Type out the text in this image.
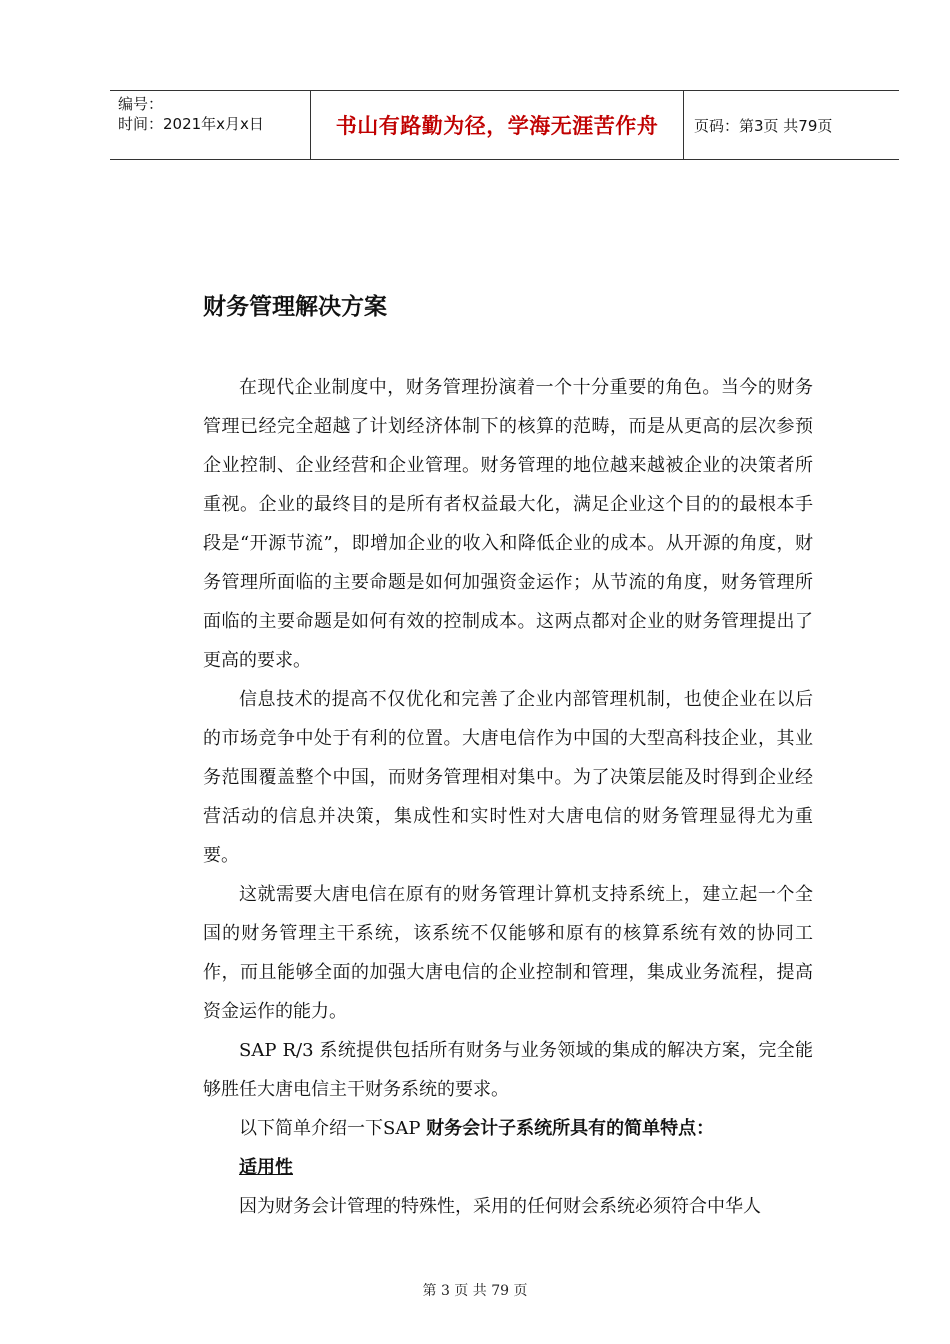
编号：
时间：2021年x月x日	书山有路勤为径，学海无涯苦作舟	页码：第3页 共79页
财务管理解决方案

在现代企业制度中，财务管理扮演着一个十分重要的角色。当今的财务管理已经完全超越了计划经济体制下的核算的范畴，而是从更高的层次参预企业控制、企业经营和企业管理。财务管理的地位越来越被企业的决策者所重视。企业的最终目的是所有者权益最大化，满足企业这个目的的最根本手段是“开源节流”，即增加企业的收入和降低企业的成本。从开源的角度，财务管理所面临的主要命题是如何加强资金运作；从节流的角度，财务管理所面临的主要命题是如何有效的控制成本。这两点都对企业的财务管理提出了更高的要求。

信息技术的提高不仅优化和完善了企业内部管理机制，也使企业在以后的市场竞争中处于有利的位置。大唐电信作为中国的大型高科技企业，其业务范围覆盖整个中国，而财务管理相对集中。为了决策层能及时得到企业经营活动的信息并决策，集成性和实时性对大唐电信的财务管理显得尤为重要。

这就需要大唐电信在原有的财务管理计算机支持系统上，建立起一个全国的财务管理主干系统，该系统不仅能够和原有的核算系统有效的协同工作，而且能够全面的加强大唐电信的企业控制和管理，集成业务流程，提高资金运作的能力。

SAP R/3 系统提供包括所有财务与业务领域的集成的解决方案，完全能够胜任大唐电信主干财务系统的要求。

以下简单介绍一下SAP 财务会计子系统所具有的简单特点：

适用性

因为财务会计管理的特殊性，采用的任何财会系统必须符合中华人

第 3 页 共 79 页
